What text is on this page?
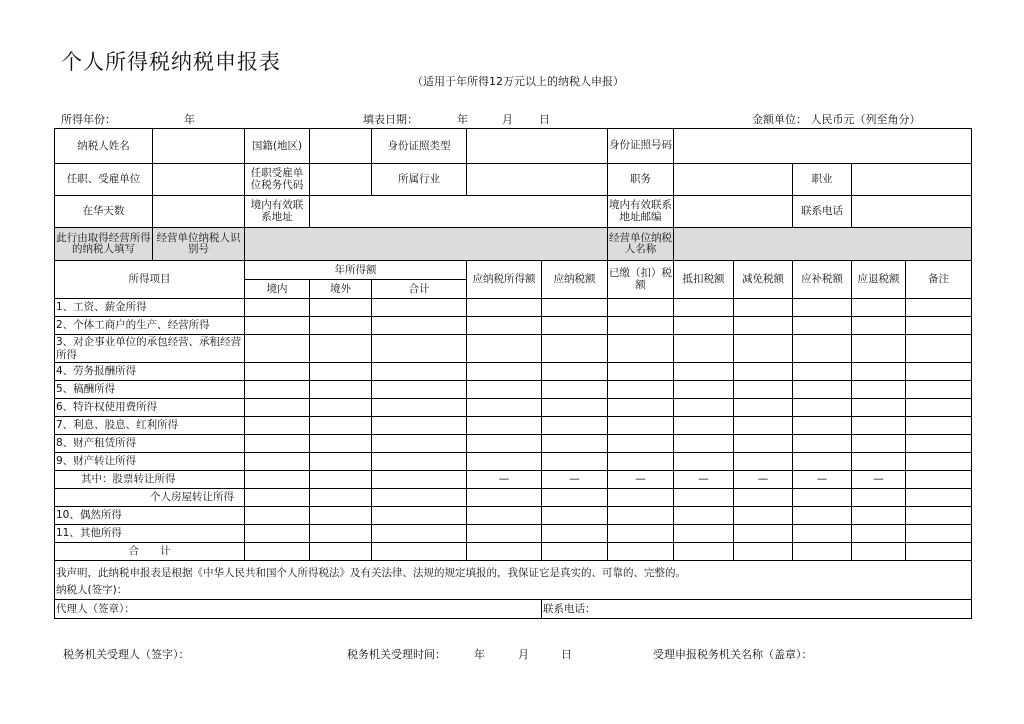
个人所得税纳税申报表
（适用于年所得12万元以上的纳税人申报）
所得年份：	年	填表日期：	年	月 日	金额单位： 人民币元（列至角分）
纳税人姓名		国籍(地区)		身份证照类型			身份证照号码					

任职、受雇单位		任职受雇单位税务代码		所属行业			职务			职业		
在华天数		境内有效联系地址					境内有效联系地址邮编			联系电话		
此行由取得经营所得的纳税人填写	经营单位纳税人识别号						经营单位纳税人名称					
所得项目		年所得额			应纳税所得额	应纳税额	已缴（扣）税额	抵扣税额	减免税额	应补税额	应退税额	备注
		境内	境外	合计								
1、工资、薪金所得												
2、个体工商户的生产、经营所得												
3、对企事业单位的承包经营、承租经营所得												
4、劳务报酬所得												
5、稿酬所得												
6、特许权使用费所得												
7、利息、股息、红利所得												
8、财产租赁所得												
9、财产转让所得												
其中：股票转让所得					—	—	—	—	—	—	—	
个人房屋转让所得												
10、偶然所得												
11、其他所得												
合　　计												

我声明，此纳税申报表是根据《中华人民共和国个人所得税法》及有关法律、法规的规定填报的，我保证它是真实的、可靠的、完整的。
纳税人(签字)：												

代理人（签章）：						联系电话：						
税务机关受理人（签字）：	税务机关受理时间：	年	月	日	受理申报税务机关名称（盖章）：
